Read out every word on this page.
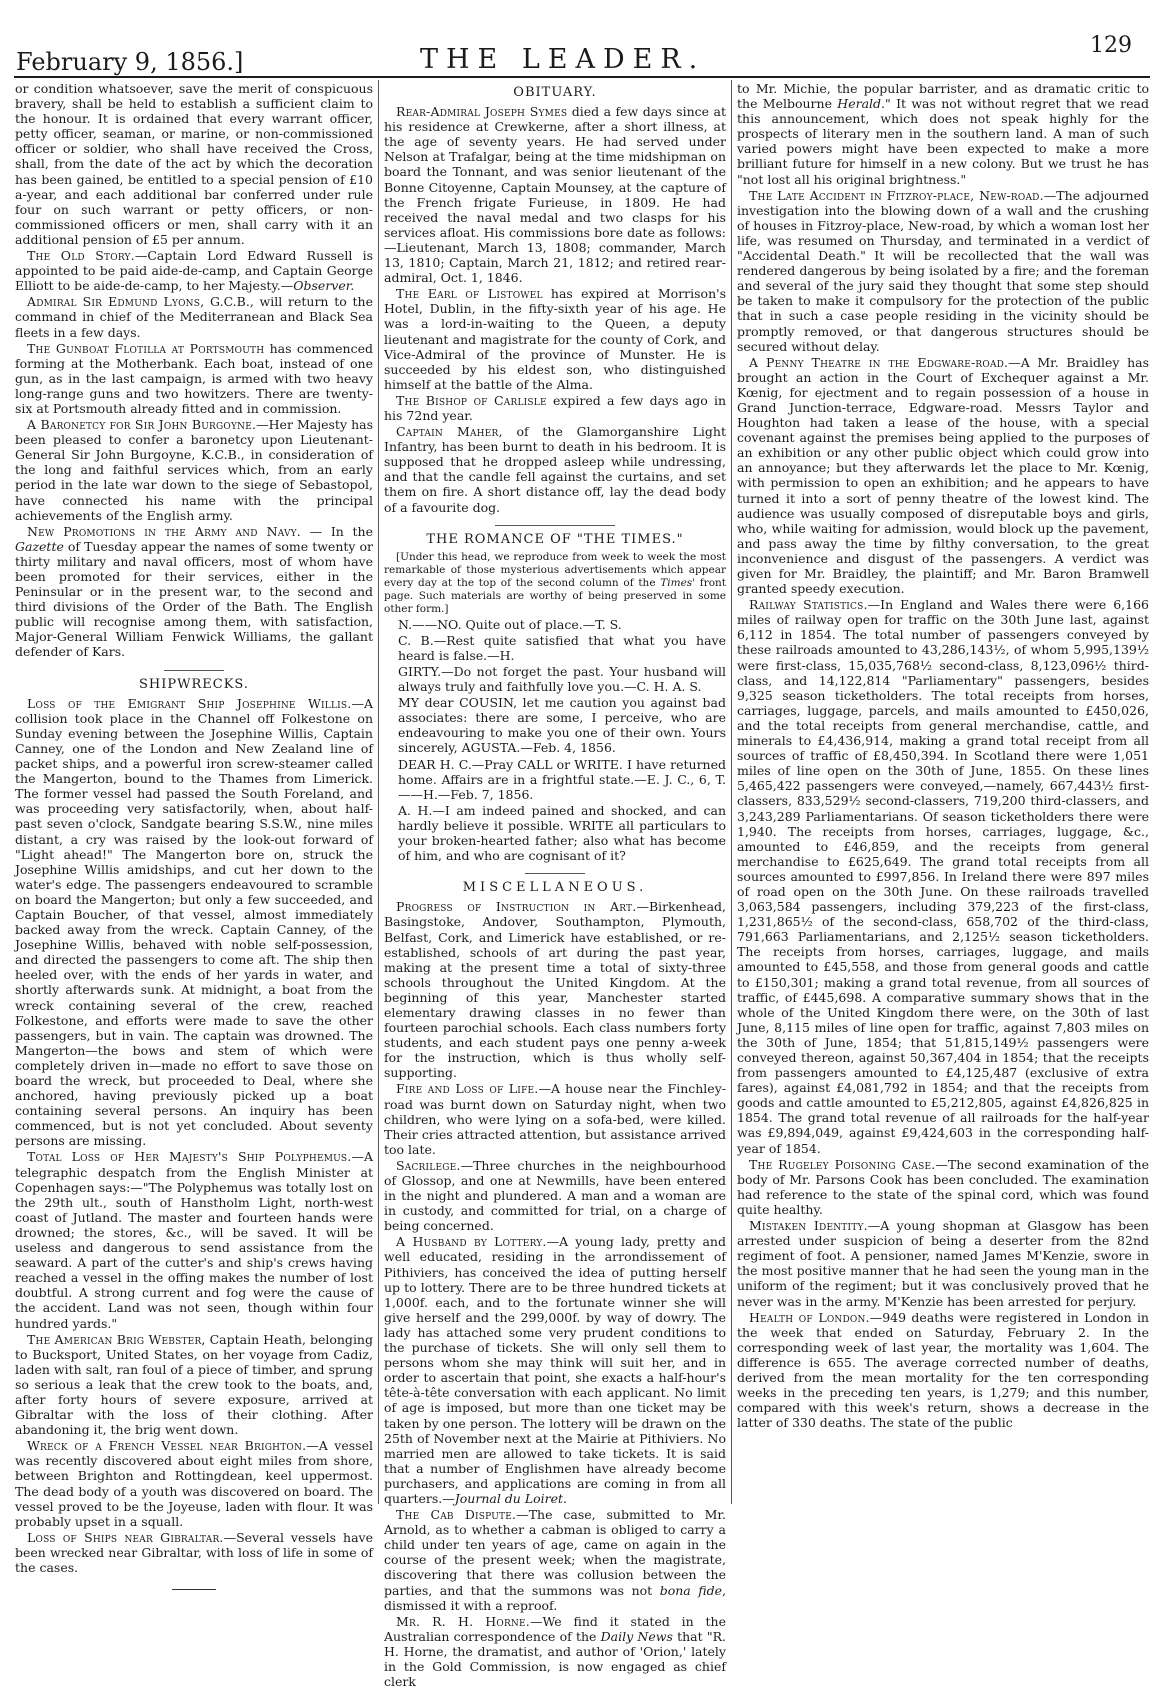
February 9, 1856.]	THE LEADER.	129

or condition whatsoever, save the merit of conspicuous bravery, shall be held to establish a sufficient claim to the honour. It is ordained that every warrant officer, petty officer, seaman, or marine, or non-commissioned officer or soldier, who shall have received the Cross, shall, from the date of the act by which the decoration has been gained, be entitled to a special pension of £10 a-year, and each additional bar conferred under rule four on such warrant or petty officers, or non-commissioned officers or men, shall carry with it an additional pension of £5 per annum.

The Old Story.—Captain Lord Edward Russell is appointed to be paid aide-de-camp, and Captain George Elliott to be aide-de-camp, to her Majesty.—Observer.

Admiral Sir Edmund Lyons, G.C.B., will return to the command in chief of the Mediterranean and Black Sea fleets in a few days.

The Gunboat Flotilla at Portsmouth has commenced forming at the Motherbank. Each boat, instead of one gun, as in the last campaign, is armed with two heavy long-range guns and two howitzers. There are twenty-six at Portsmouth already fitted and in commission.

A Baronetcy for Sir John Burgoyne.—Her Majesty has been pleased to confer a baronetcy upon Lieutenant-General Sir John Burgoyne, K.C.B., in consideration of the long and faithful services which, from an early period in the late war down to the siege of Sebastopol, have connected his name with the principal achievements of the English army.

New Promotions in the Army and Navy. — In the Gazette of Tuesday appear the names of some twenty or thirty military and naval officers, most of whom have been promoted for their services, either in the Peninsular or in the present war, to the second and third divisions of the Order of the Bath. The English public will recognise among them, with satisfaction, Major-General William Fenwick Williams, the gallant defender of Kars.

SHIPWRECKS.

Loss of the Emigrant Ship Josephine Willis.—A collision took place in the Channel off Folkestone on Sunday evening between the Josephine Willis, Captain Canney, one of the London and New Zealand line of packet ships, and a powerful iron screw-steamer called the Mangerton, bound to the Thames from Limerick. The former vessel had passed the South Foreland, and was proceeding very satisfactorily, when, about half-past seven o'clock, Sandgate bearing S.S.W., nine miles distant, a cry was raised by the look-out forward of "Light ahead!" The Mangerton bore on, struck the Josephine Willis amidships, and cut her down to the water's edge. The passengers endeavoured to scramble on board the Mangerton; but only a few succeeded, and Captain Boucher, of that vessel, almost immediately backed away from the wreck. Captain Canney, of the Josephine Willis, behaved with noble self-possession, and directed the passengers to come aft. The ship then heeled over, with the ends of her yards in water, and shortly afterwards sunk. At midnight, a boat from the wreck containing several of the crew, reached Folkestone, and efforts were made to save the other passengers, but in vain. The captain was drowned. The Mangerton—the bows and stem of which were completely driven in—made no effort to save those on board the wreck, but proceeded to Deal, where she anchored, having previously picked up a boat containing several persons. An inquiry has been commenced, but is not yet concluded. About seventy persons are missing.

Total Loss of Her Majesty's Ship Polyphemus.—A telegraphic despatch from the English Minister at Copenhagen says:—"The Polyphemus was totally lost on the 29th ult., south of Hanstholm Light, north-west coast of Jutland. The master and fourteen hands were drowned; the stores, &c., will be saved. It will be useless and dangerous to send assistance from the seaward. A part of the cutter's and ship's crews having reached a vessel in the offing makes the number of lost doubtful. A strong current and fog were the cause of the accident. Land was not seen, though within four hundred yards."

The American Brig Webster, Captain Heath, belonging to Bucksport, United States, on her voyage from Cadiz, laden with salt, ran foul of a piece of timber, and sprung so serious a leak that the crew took to the boats, and, after forty hours of severe exposure, arrived at Gibraltar with the loss of their clothing. After abandoning it, the brig went down.

Wreck of a French Vessel near Brighton.—A vessel was recently discovered about eight miles from shore, between Brighton and Rottingdean, keel uppermost. The dead body of a youth was discovered on board. The vessel proved to be the Joyeuse, laden with flour. It was probably upset in a squall.

Loss of Ships near Gibraltar.—Several vessels have been wrecked near Gibraltar, with loss of life in some of the cases.

OBITUARY.

Rear-Admiral Joseph Symes died a few days since at his residence at Crewkerne, after a short illness, at the age of seventy years. He had served under Nelson at Trafalgar, being at the time midshipman on board the Tonnant, and was senior lieutenant of the Bonne Citoyenne, Captain Mounsey, at the capture of the French frigate Furieuse, in 1809. He had received the naval medal and two clasps for his services afloat. His commissions bore date as follows:—Lieutenant, March 13, 1808; commander, March 13, 1810; Captain, March 21, 1812; and retired rear-admiral, Oct. 1, 1846.

The Earl of Listowel has expired at Morrison's Hotel, Dublin, in the fifty-sixth year of his age. He was a lord-in-waiting to the Queen, a deputy lieutenant and magistrate for the county of Cork, and Vice-Admiral of the province of Munster. He is succeeded by his eldest son, who distinguished himself at the battle of the Alma.

The Bishop of Carlisle expired a few days ago in his 72nd year.

Captain Maher, of the Glamorganshire Light Infantry, has been burnt to death in his bedroom. It is supposed that he dropped asleep while undressing, and that the candle fell against the curtains, and set them on fire. A short distance off, lay the dead body of a favourite dog.

THE ROMANCE OF "THE TIMES."

[Under this head, we reproduce from week to week the most remarkable of those mysterious advertisements which appear every day at the top of the second column of the Times' front page. Such materials are worthy of being preserved in some other form.]

N.——NO. Quite out of place.—T. S.

C. B.—Rest quite satisfied that what you have heard is false.—H.

GIRTY.—Do not forget the past. Your husband will always truly and faithfully love you.—C. H. A. S.

MY dear COUSIN, let me caution you against bad associates: there are some, I perceive, who are endeavouring to make you one of their own. Yours sincerely, AGUSTA.—Feb. 4, 1856.

DEAR H. C.—Pray CALL or WRITE. I have returned home. Affairs are in a frightful state.—E. J. C., 6, T.——H.—Feb. 7, 1856.

A. H.—I am indeed pained and shocked, and can hardly believe it possible. WRITE all particulars to your broken-hearted father; also what has become of him, and who are cognisant of it?

MISCELLANEOUS.

Progress of Instruction in Art.—Birkenhead, Basingstoke, Andover, Southampton, Plymouth, Belfast, Cork, and Limerick have established, or re-established, schools of art during the past year, making at the present time a total of sixty-three schools throughout the United Kingdom. At the beginning of this year, Manchester started elementary drawing classes in no fewer than fourteen parochial schools. Each class numbers forty students, and each student pays one penny a-week for the instruction, which is thus wholly self-supporting.

Fire and Loss of Life.—A house near the Finchley-road was burnt down on Saturday night, when two children, who were lying on a sofa-bed, were killed. Their cries attracted attention, but assistance arrived too late.

Sacrilege.—Three churches in the neighbourhood of Glossop, and one at Newmills, have been entered in the night and plundered. A man and a woman are in custody, and committed for trial, on a charge of being concerned.

A Husband by Lottery.—A young lady, pretty and well educated, residing in the arrondissement of Pithiviers, has conceived the idea of putting herself up to lottery. There are to be three hundred tickets at 1,000f. each, and to the fortunate winner she will give herself and the 299,000f. by way of dowry. The lady has attached some very prudent conditions to the purchase of tickets. She will only sell them to persons whom she may think will suit her, and in order to ascertain that point, she exacts a half-hour's tête-à-tête conversation with each applicant. No limit of age is imposed, but more than one ticket may be taken by one person. The lottery will be drawn on the 25th of November next at the Mairie at Pithiviers. No married men are allowed to take tickets. It is said that a number of Englishmen have already become purchasers, and applications are coming in from all quarters.—Journal du Loiret.

The Cab Dispute.—The case, submitted to Mr. Arnold, as to whether a cabman is obliged to carry a child under ten years of age, came on again in the course of the present week; when the magistrate, discovering that there was collusion between the parties, and that the summons was not bona fide, dismissed it with a reproof.

Mr. R. H. Horne.—We find it stated in the Australian correspondence of the Daily News that "R. H. Horne, the dramatist, and author of 'Orion,' lately in the Gold Commission, is now engaged as chief clerk

to Mr. Michie, the popular barrister, and as dramatic critic to the Melbourne Herald." It was not without regret that we read this announcement, which does not speak highly for the prospects of literary men in the southern land. A man of such varied powers might have been expected to make a more brilliant future for himself in a new colony. But we trust he has "not lost all his original brightness."

The Late Accident in Fitzroy-place, New-road.—The adjourned investigation into the blowing down of a wall and the crushing of houses in Fitzroy-place, New-road, by which a woman lost her life, was resumed on Thursday, and terminated in a verdict of "Accidental Death." It will be recollected that the wall was rendered dangerous by being isolated by a fire; and the foreman and several of the jury said they thought that some step should be taken to make it compulsory for the protection of the public that in such a case people residing in the vicinity should be promptly removed, or that dangerous structures should be secured without delay.

A Penny Theatre in the Edgware-road.—A Mr. Braidley has brought an action in the Court of Exchequer against a Mr. Kœnig, for ejectment and to regain possession of a house in Grand Junction-terrace, Edgware-road. Messrs Taylor and Houghton had taken a lease of the house, with a special covenant against the premises being applied to the purposes of an exhibition or any other public object which could grow into an annoyance; but they afterwards let the place to Mr. Kœnig, with permission to open an exhibition; and he appears to have turned it into a sort of penny theatre of the lowest kind. The audience was usually composed of disreputable boys and girls, who, while waiting for admission, would block up the pavement, and pass away the time by filthy conversation, to the great inconvenience and disgust of the passengers. A verdict was given for Mr. Braidley, the plaintiff; and Mr. Baron Bramwell granted speedy execution.

Railway Statistics.—In England and Wales there were 6,166 miles of railway open for traffic on the 30th June last, against 6,112 in 1854. The total number of passengers conveyed by these railroads amounted to 43,286,143½, of whom 5,995,139½ were first-class, 15,035,768½ second-class, 8,123,096½ third-class, and 14,122,814 "Parliamentary" passengers, besides 9,325 season ticketholders. The total receipts from horses, carriages, luggage, parcels, and mails amounted to £450,026, and the total receipts from general merchandise, cattle, and minerals to £4,436,914, making a grand total receipt from all sources of traffic of £8,450,394. In Scotland there were 1,051 miles of line open on the 30th of June, 1855. On these lines 5,465,422 passengers were conveyed,—namely, 667,443½ first-classers, 833,529½ second-classers, 719,200 third-classers, and 3,243,289 Parliamentarians. Of season ticketholders there were 1,940. The receipts from horses, carriages, luggage, &c., amounted to £46,859, and the receipts from general merchandise to £625,649. The grand total receipts from all sources amounted to £997,856. In Ireland there were 897 miles of road open on the 30th June. On these railroads travelled 3,063,584 passengers, including 379,223 of the first-class, 1,231,865½ of the second-class, 658,702 of the third-class, 791,663 Parliamentarians, and 2,125½ season ticketholders. The receipts from horses, carriages, luggage, and mails amounted to £45,558, and those from general goods and cattle to £150,301; making a grand total revenue, from all sources of traffic, of £445,698. A comparative summary shows that in the whole of the United Kingdom there were, on the 30th of last June, 8,115 miles of line open for traffic, against 7,803 miles on the 30th of June, 1854; that 51,815,149½ passengers were conveyed thereon, against 50,367,404 in 1854; that the receipts from passengers amounted to £4,125,487 (exclusive of extra fares), against £4,081,792 in 1854; and that the receipts from goods and cattle amounted to £5,212,805, against £4,826,825 in 1854. The grand total revenue of all railroads for the half-year was £9,894,049, against £9,424,603 in the corresponding half-year of 1854.

The Rugeley Poisoning Case.—The second examination of the body of Mr. Parsons Cook has been concluded. The examination had reference to the state of the spinal cord, which was found quite healthy.

Mistaken Identity.—A young shopman at Glasgow has been arrested under suspicion of being a deserter from the 82nd regiment of foot. A pensioner, named James M'Kenzie, swore in the most positive manner that he had seen the young man in the uniform of the regiment; but it was conclusively proved that he never was in the army. M'Kenzie has been arrested for perjury.

Health of London.—949 deaths were registered in London in the week that ended on Saturday, February 2. In the corresponding week of last year, the mortality was 1,604. The difference is 655. The average corrected number of deaths, derived from the mean mortality for the ten corresponding weeks in the preceding ten years, is 1,279; and this number, compared with this week's return, shows a decrease in the latter of 330 deaths. The state of the public
